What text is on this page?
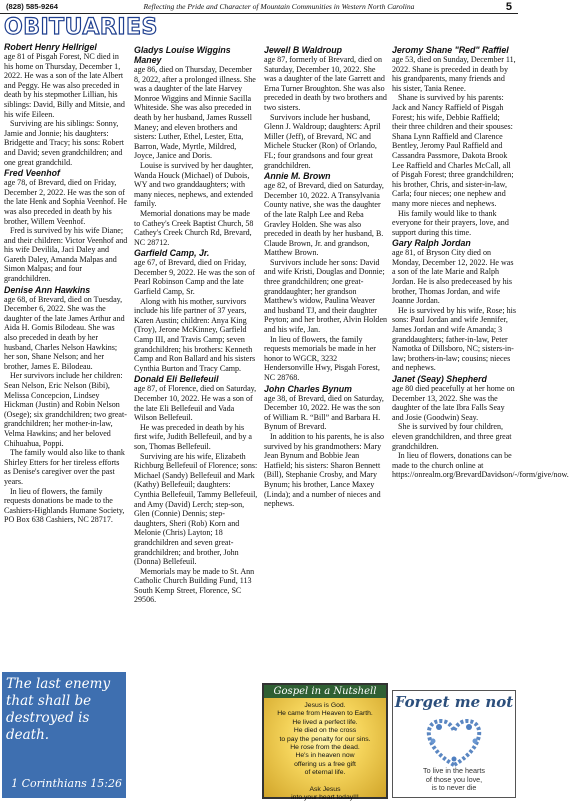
(828) 585-9264	Reflecting the Pride and Character of Mountain Communities in Western North Carolina	5
OBITUARIES
Robert Henry Hellrigel

age 81 of Pisgah Forest, NC died in his home on Thursday, December 1, 2022. He was a son of the late Albert and Peggy. He was also preceded in death by his stepmother Lillian, his siblings: David, Billy and Mitsie, and his wife Eileen.

Surviving are his siblings: Sonny, Jamie and Jonnie; his daughters: Bridgette and Tracy; his sons: Robert and David; seven grandchildren; and one great grandchild.

Fred Veenhof

age 78, of Brevard, died on Friday, December 2, 2022. He was the son of the late Henk and Sophia Veenhof. He was also preceded in death by his brother, Willem Veenhof.

Fred is survived by his wife Diane; and their children: Victor Veenhof and his wife Devilila, Jaci Daley and Gareth Daley, Amanda Malpas and Simon Malpas; and four grandchildren.

Denise Ann Hawkins

age 68, of Brevard, died on Tuesday, December 6, 2022. She was the daughter of the late James Arthur and Aida H. Gomis Bilodeau. She was also preceded in death by her husband, Charles Nelson Hawkins; her son, Shane Nelson; and her brother, James E. Bilodeau.

Her survivors include her children: Sean Nelson, Eric Nelson (Bibi), Melissa Concepcion, Lindsey Hickman (Justin) and Robin Nelson (Osege); six grandchildren; two great-grandchildren; her mother-in-law, Velma Hawkins; and her beloved Chihuahua, Poppi.

The family would also like to thank Shirley Etters for her tireless efforts as Denise's caregiver over the past years.

In lieu of flowers, the family requests donations be made to the Cashiers-Highlands Humane Society, PO Box 638 Cashiers, NC 28717.

Gladys Louise Wiggins Maney

age 86, died on Thursday, December 8, 2022, after a prolonged illness. She was a daughter of the late Harvey Monroe Wiggins and Minnie Sacilla Whiteside. She was also preceded in death by her husband, James Russell Maney; and eleven brothers and sisters: Luther, Ethel, Lester, Etta, Barron, Wade, Myrtle, Mildred, Joyce, Janice and Doris.

Louise is survived by her daughter, Wanda Houck (Michael) of Dubois, WY and two granddaughters; with many nieces, nephews, and extended family.

Memorial donations may be made to Cathey's Creek Baptist Church, 58 Cathey's Creek Church Rd, Brevard, NC 28712.

Garfield Camp, Jr.

age 67, of Brevard, died on Friday, December 9, 2022. He was the son of Pearl Robinson Camp and the late Garfield Camp, Sr.

Along with his mother, survivors include his life partner of 37 years, Karen Austin; children: Anya King (Troy), Jerone McKinney, Garfield Camp III, and Travis Camp; seven grandchildren; his brothers: Kenneth Camp and Ron Ballard and his sisters Cynthia Burton and Tracy Camp.

Donald Eli Bellefeuil

age 87, of Florence, died on Saturday, December 10, 2022. He was a son of the late Eli Bellefeuil and Vada Wilson Bellefeuil.

He was preceded in death by his first wife, Judith Bellefeuil, and by a son, Thomas Bellefeuil.

Surviving are his wife, Elizabeth Richburg Bellefeuil of Florence; sons: Michael (Sandy) Bellefeuil and Mark (Kathy) Bellefeuil; daughters: Cynthia Bellefeuil, Tammy Bellefeuil, and Amy (David) Lerch; step-son, Glen (Connie) Dennis; step-daughters, Sheri (Rob) Korn and Melonie (Chris) Layton; 18 grandchildren and seven great-grandchildren; and brother, John (Donna) Bellefeuil.

Memorials may be made to St. Ann Catholic Church Building Fund, 113 South Kemp Street, Florence, SC 29506.

Jewell B Waldroup

age 87, formerly of Brevard, died on Saturday, December 10, 2022. She was a daughter of the late Garrett and Erna Turner Broughton. She was also preceded in death by two brothers and two sisters.

Survivors include her husband, Glenn J. Waldroup; daughters: April Miller (Jeff), of Brevard, NC and Michele Stucker (Ron) of Orlando, FL; four grandsons and four great grandchildren.

Annie M. Brown

age 82, of Brevard, died on Saturday, December 10, 2022. A Transylvania County native, she was the daughter of the late Ralph Lee and Reba Gravley Holden. She was also preceded in death by her husband, B. Claude Brown, Jr. and grandson, Matthew Brown.

Survivors include her sons: David and wife Kristi, Douglas and Donnie; three grandchildren; one great-granddaughter; her grandson Matthew's widow, Paulina Weaver and husband TJ, and their daughter Peyton; and her brother, Alvin Holden and his wife, Jan.

In lieu of flowers, the family requests memorials be made in her honor to WGCR, 3232 Hendersonville Hwy, Pisgah Forest, NC 28768.

John Charles Bynum

age 38, of Brevard, died on Saturday, December 10, 2022. He was the son of William R. “Bill” and Barbara H. Bynum of Brevard.

In addition to his parents, he is also survived by his grandmothers: Mary Jean Bynum and Bobbie Jean Hatfield; his sisters: Sharon Bennett (Bill), Stephanie Crosby, and Mary Bynum; his brother, Lance Maxey (Linda); and a number of nieces and nephews.

Jeromy Shane "Red" Raffiel

age 53, died on Sunday, December 11, 2022. Shane is preceded in death by his grandparents, many friends and his sister, Tania Renee.

Shane is survived by his parents: Jack and Nancy Raffield of Pisgah Forest; his wife, Debbie Raffield; their three children and their spouses: Shana Lynn Raffield and Clarence Bentley, Jeromy Paul Raffield and Cassandra Passmore, Dakota Brook Lee Raffield and Charles McCall, all of Pisgah Forest; three grandchildren; his brother, Chris, and sister-in-law, Carla; four nieces; one nephew and many more nieces and nephews.

His family would like to thank everyone for their prayers, love, and support during this time.

Gary Ralph Jordan

age 81, of Bryson City died on Monday, December 12, 2022. He was a son of the late Marie and Ralph Jordan. He is also predeceased by his brother, Thomas Jordan, and wife Joanne Jordan.

He is survived by his wife, Rose; his sons: Paul Jordan and wife Jennifer, James Jordan and wife Amanda; 3 granddaughters; father-in-law, Peter Namotka of Dillsboro, NC; sisters-in-law; brothers-in-law; cousins; nieces and nephews.

Janet (Seay) Shepherd

age 80 died peacefully at her home on December 13, 2022. She was the daughter of the late Ibra Falls Seay and Josie (Goodwin) Seay.

She is survived by four children, eleven grandchildren, and three great grandchildren.

In lieu of flowers, donations can be made to the church online at https://onrealm.org/BrevardDavidson/-/form/give/now.

The last enemy that shall be destroyed is death.
1 Corinthians 15:26
Gospel in a Nutshell
Jesus is God.
He came from Heaven to Earth.
He lived a perfect life.
He died on the cross
to pay the penalty for our sins.
He rose from the dead.
He's in heaven now
offering us a free gift
of eternal life.

Ask Jesus
into your heart today!!!
Forget me not
To live in the hearts
of those you love,
is to never die
